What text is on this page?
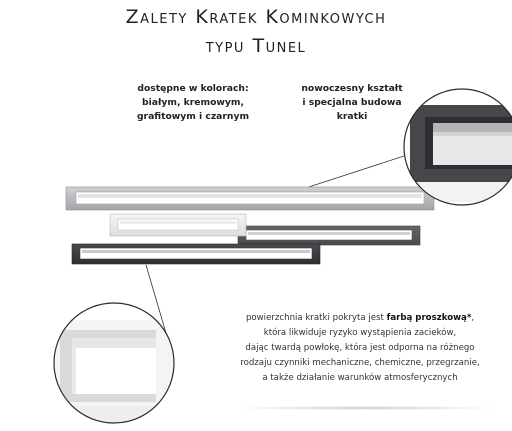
Zalety Kratek Kominkowych
typu Tunel
dostępne w kolorach:
białym, kremowym,
grafitowym i czarnym
nowoczesny kształt
i specjalna budowa
kratki
powierzchnia kratki pokryta jest farbą proszkową*,
która likwiduje ryzyko wystąpienia zacieków,
dając twardą powłokę, która jest odporna na różnego
rodzaju czynniki mechaniczne, chemiczne, przegrzanie,
a także działanie warunków atmosferycznych
